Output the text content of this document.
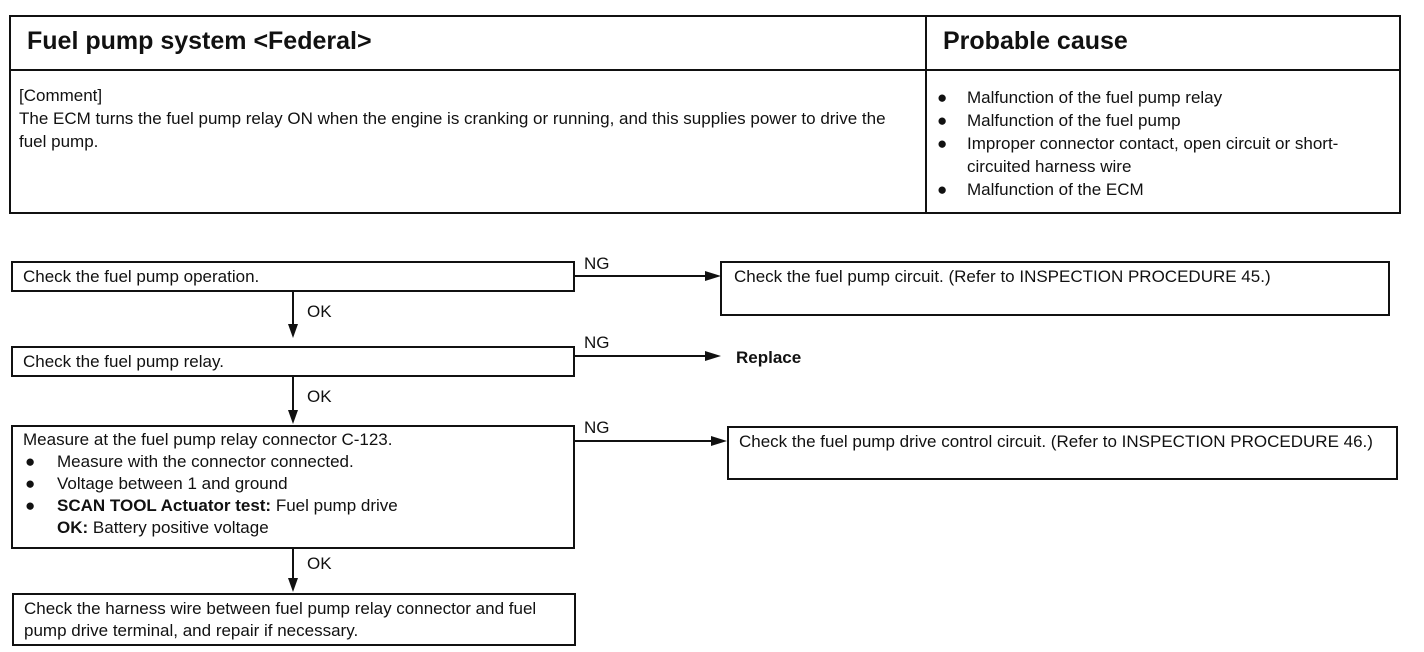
Fuel pump system <Federal>	Probable cause
[Comment]
The ECM turns the fuel pump relay ON when the engine is cranking or running, and this supplies power to drive the fuel pump.
●	Malfunction of the fuel pump relay
●	Malfunction of the fuel pump
●	Improper connector contact, open circuit or short-circuited harness wire
●	Malfunction of the ECM
Check the fuel pump operation.
NG
Check the fuel pump circuit. (Refer to INSPECTION PROCEDURE 45.)
OK
Check the fuel pump relay.
NG
Replace
OK
Measure at the fuel pump relay connector C-123.
●	Measure with the connector connected.
●	Voltage between 1 and ground
●	SCAN TOOL Actuator test: Fuel pump drive
OK: Battery positive voltage
NG
Check the fuel pump drive control circuit. (Refer to INSPECTION PROCEDURE 46.)
OK
Check the harness wire between fuel pump relay connector and fuel pump drive terminal, and repair if necessary.
